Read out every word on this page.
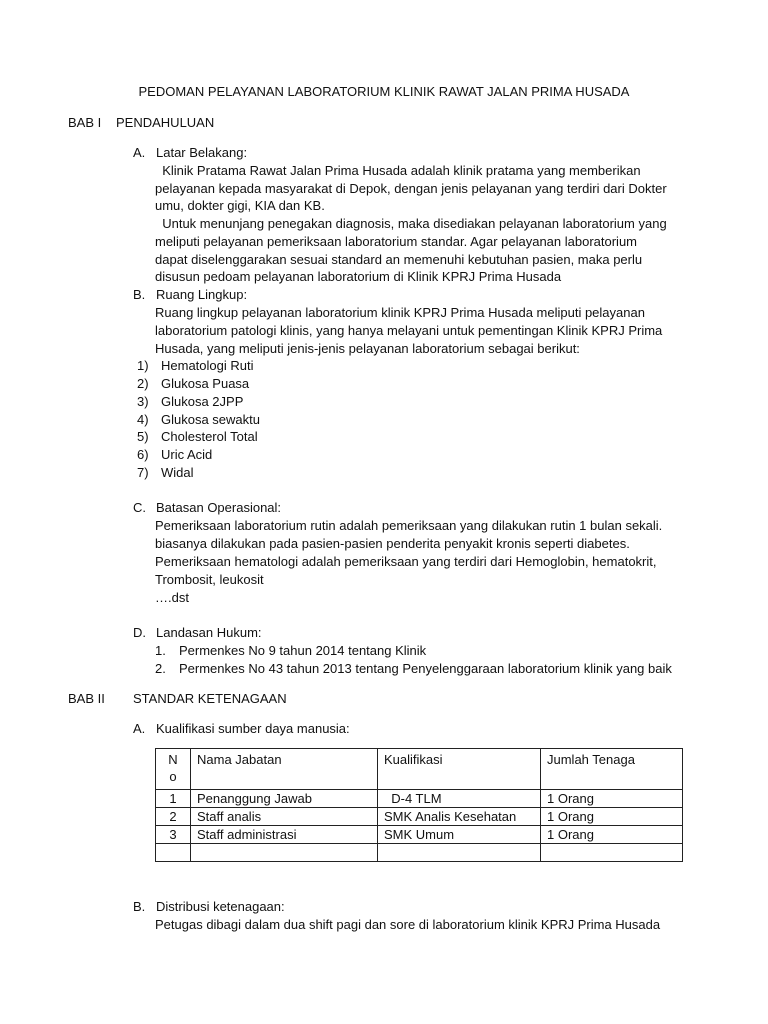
PEDOMAN PELAYANAN LABORATORIUM KLINIK RAWAT JALAN PRIMA HUSADA
BAB I PENDAHULUAN
A. Latar Belakang:
Klinik Pratama Rawat Jalan Prima Husada adalah klinik pratama yang memberikan
pelayanan kepada masyarakat di Depok, dengan jenis pelayanan yang terdiri dari Dokter
umu, dokter gigi, KIA dan KB.
Untuk menunjang penegakan diagnosis, maka disediakan pelayanan laboratorium yang
meliputi pelayanan pemeriksaan laboratorium standar. Agar pelayanan laboratorium
dapat diselenggarakan sesuai standard an memenuhi kebutuhan pasien, maka perlu
disusun pedoam pelayanan laboratorium di Klinik KPRJ Prima Husada
B. Ruang Lingkup:
Ruang lingkup pelayanan laboratorium klinik KPRJ Prima Husada meliputi pelayanan
laboratorium patologi klinis, yang hanya melayani untuk pementingan Klinik KPRJ Prima
Husada, yang meliputi jenis-jenis pelayanan laboratorium sebagai berikut:
1) Hematologi Ruti
2) Glukosa Puasa
3) Glukosa 2JPP
4) Glukosa sewaktu
5) Cholesterol Total
6) Uric Acid
7) Widal
C. Batasan Operasional:
Pemeriksaan laboratorium rutin adalah pemeriksaan yang dilakukan rutin 1 bulan sekali.
biasanya dilakukan pada pasien-pasien penderita penyakit kronis seperti diabetes.
Pemeriksaan hematologi adalah pemeriksaan yang terdiri dari Hemoglobin, hematokrit,
Trombosit, leukosit
….dst
D. Landasan Hukum:
1. Permenkes No 9 tahun 2014 tentang Klinik
2. Permenkes No 43 tahun 2013 tentang Penyelenggaraan laboratorium klinik yang baik
BAB II STANDAR KETENAGAAN
A. Kualifikasi sumber daya manusia:
N
o	Nama Jabatan	Kualifikasi	Jumlah Tenaga
1	Penanggung Jawab	D-4 TLM	1 Orang
2	Staff analis	SMK Analis Kesehatan	1 Orang
3	Staff administrasi	SMK Umum	1 Orang

B. Distribusi ketenagaan:
Petugas dibagi dalam dua shift pagi dan sore di laboratorium klinik KPRJ Prima Husada
